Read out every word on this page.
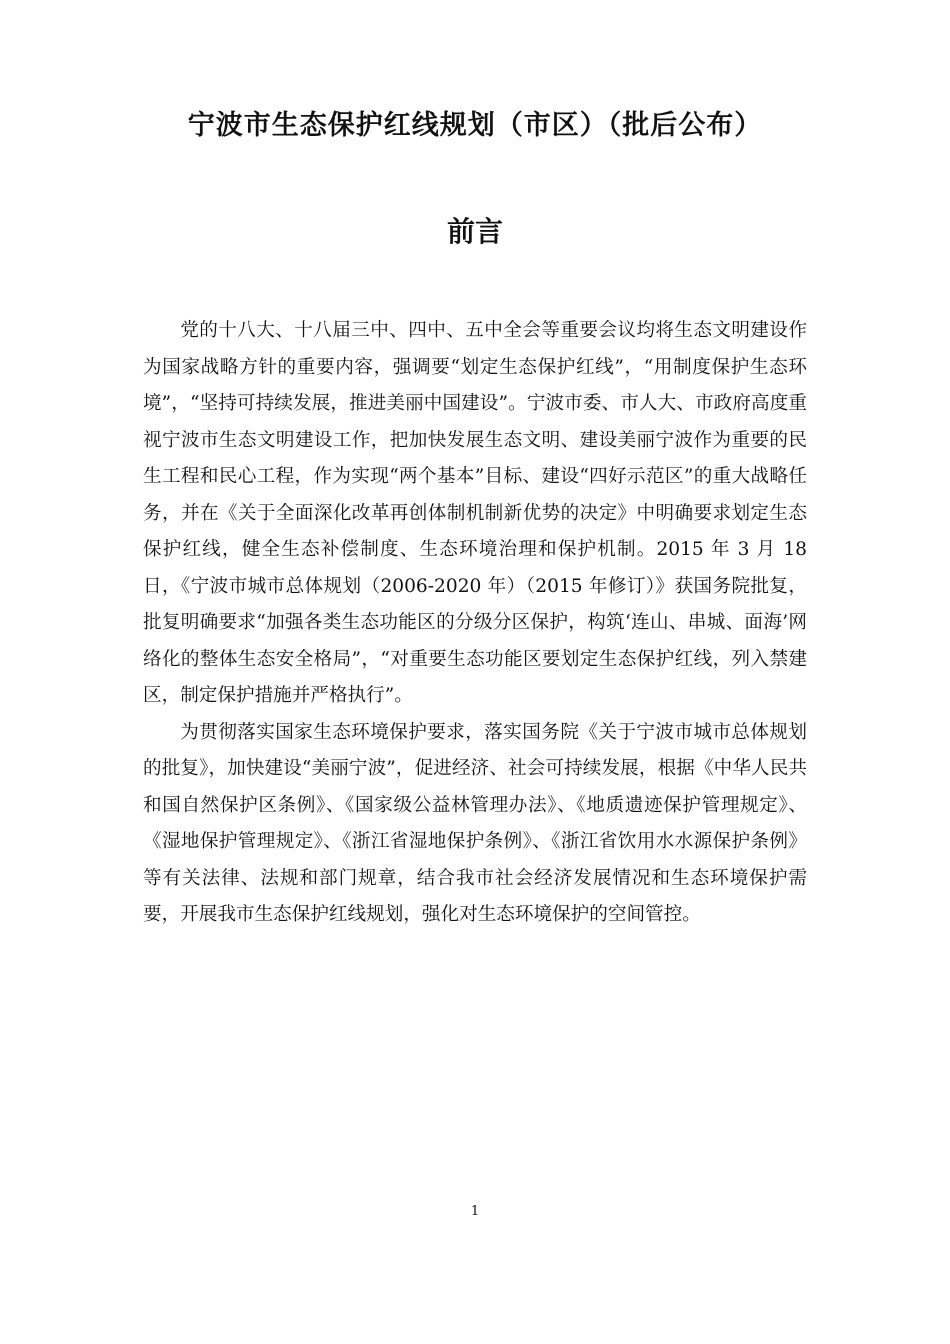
宁波市生态保护红线规划（市区）（批后公布）
前言

党的十八大、十八届三中、四中、五中全会等重要会议均将生态文明建设作为国家战略方针的重要内容，强调要“划定生态保护红线”，“用制度保护生态环境”，“坚持可持续发展，推进美丽中国建设”。宁波市委、市人大、市政府高度重视宁波市生态文明建设工作，把加快发展生态文明、建设美丽宁波作为重要的民生工程和民心工程，作为实现“两个基本”目标、建设“四好示范区”的重大战略任务，并在《关于全面深化改革再创体制机制新优势的决定》中明确要求划定生态保护红线，健全生态补偿制度、生态环境治理和保护机制。2015 年 3 月 18 日，《宁波市城市总体规划（2006-2020 年）（2015 年修订）》获国务院批复，批复明确要求“加强各类生态功能区的分级分区保护，构筑‘连山、串城、面海’网络化的整体生态安全格局”，“对重要生态功能区要划定生态保护红线，列入禁建区，制定保护措施并严格执行”。

为贯彻落实国家生态环境保护要求，落实国务院《关于宁波市城市总体规划的批复》，加快建设“美丽宁波”，促进经济、社会可持续发展，根据《中华人民共和国自然保护区条例》、《国家级公益林管理办法》、《地质遗迹保护管理规定》、《湿地保护管理规定》、《浙江省湿地保护条例》、《浙江省饮用水水源保护条例》等有关法律、法规和部门规章，结合我市社会经济发展情况和生态环境保护需要，开展我市生态保护红线规划，强化对生态环境保护的空间管控。

1
